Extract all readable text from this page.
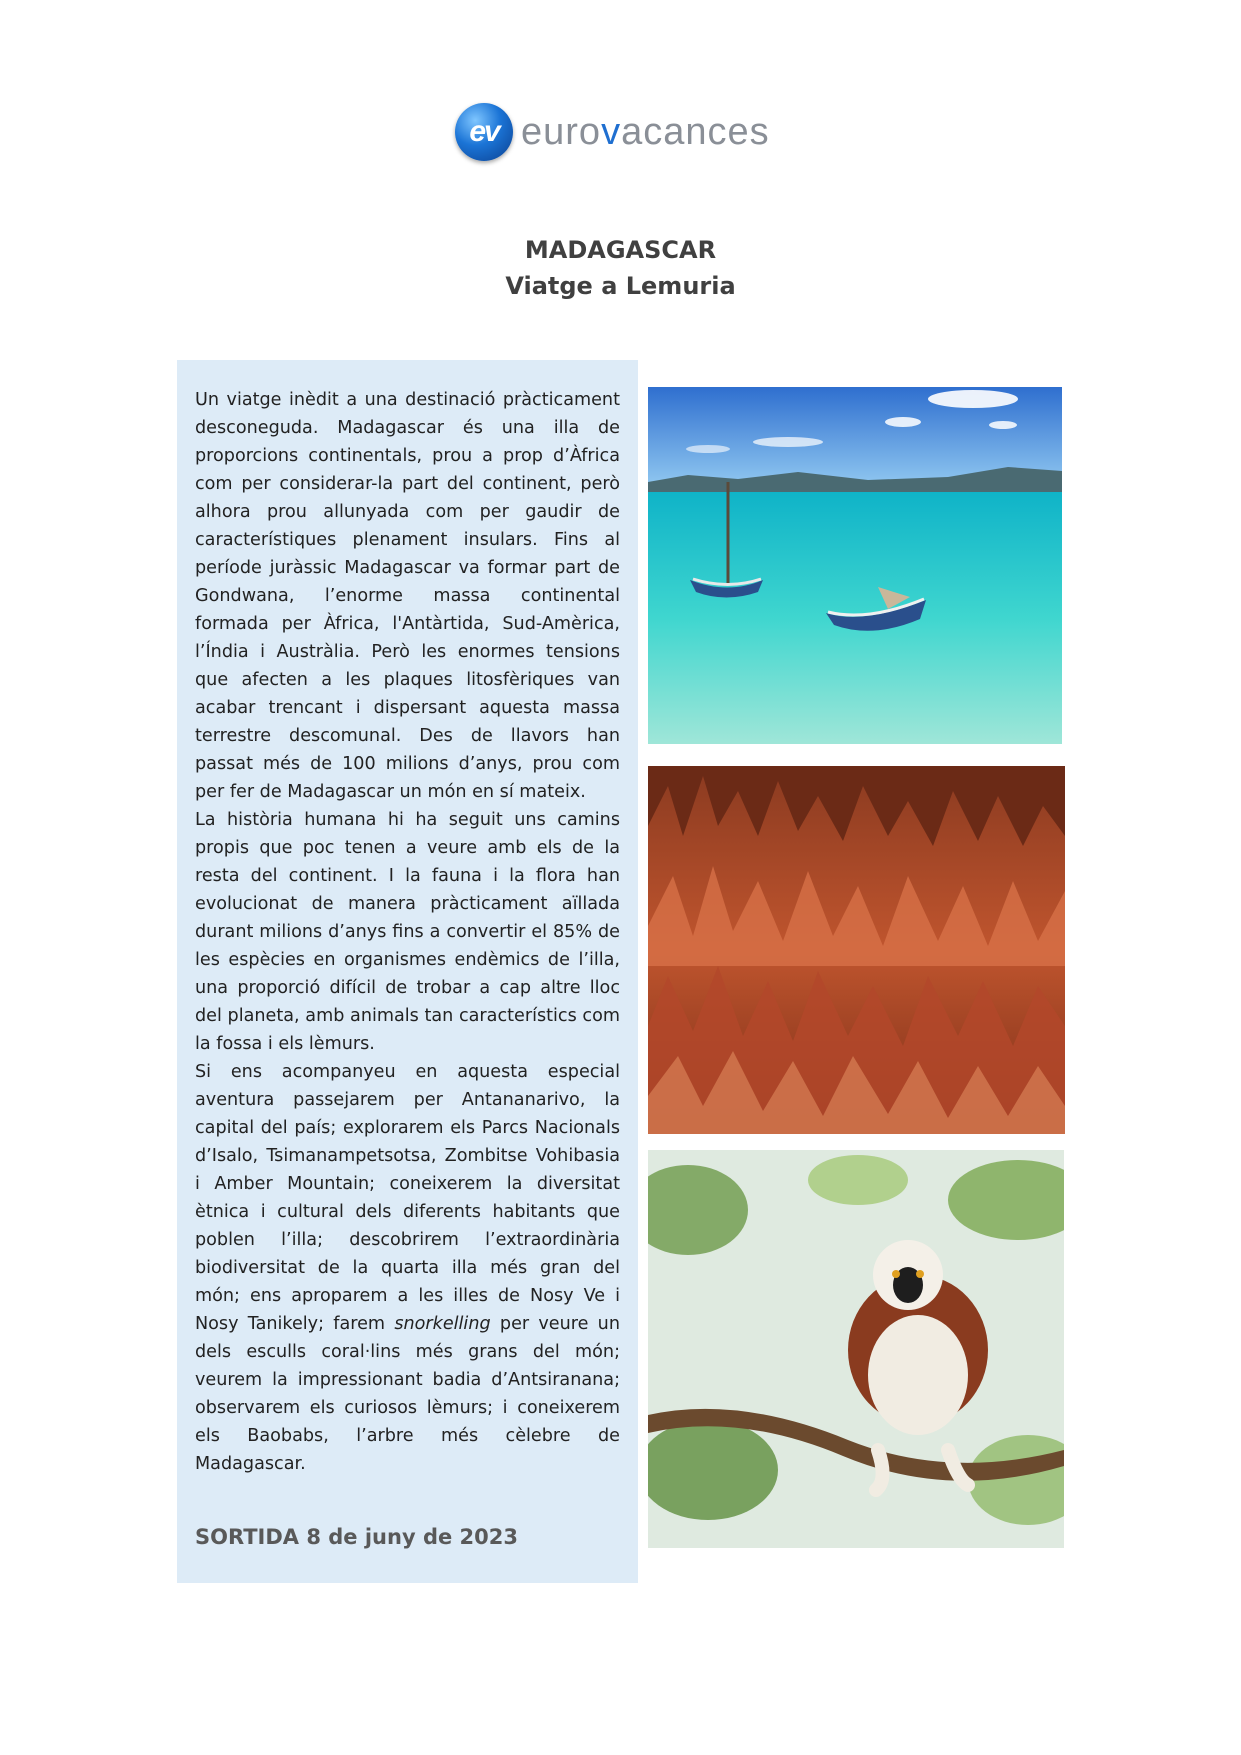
ev eurovacances
MADAGASCAR
Viatge a Lemuria

Un viatge inèdit a una destinació pràcticament desconeguda. Madagascar és una illa de proporcions continentals, prou a prop d’Àfrica com per considerar-la part del continent, però alhora prou allunyada com per gaudir de característiques plenament insulars. Fins al període juràssic Madagascar va formar part de Gondwana, l’enorme massa continental formada per Àfrica, l'Antàrtida, Sud-Amèrica, l’Índia i Austràlia. Però les enormes tensions que afecten a les plaques litosfèriques van acabar trencant i dispersant aquesta massa terrestre descomunal. Des de llavors han passat més de 100 milions d’anys, prou com per fer de Madagascar un món en sí mateix.

La història humana hi ha seguit uns camins propis que poc tenen a veure amb els de la resta del continent. I la fauna i la flora han evolucionat de manera pràcticament aïllada durant milions d’anys fins a convertir el 85% de les espècies en organismes endèmics de l’illa, una proporció difícil de trobar a cap altre lloc del planeta, amb animals tan característics com la fossa i els lèmurs.

Si ens acompanyeu en aquesta especial aventura passejarem per Antananarivo, la capital del país; explorarem els Parcs Nacionals d’Isalo, Tsimanampetsotsa, Zombitse Vohibasia i Amber Mountain; coneixerem la diversitat ètnica i cultural dels diferents habitants que poblen l’illa; descobrirem l’extraordinària biodiversitat de la quarta illa més gran del món; ens aproparem a les illes de Nosy Ve i Nosy Tanikely; farem snorkelling per veure un dels esculls coral·lins més grans del món; veurem la impressionant badia d’Antsiranana; observarem els curiosos lèmurs; i coneixerem els Baobabs, l’arbre més cèlebre de Madagascar.

SORTIDA 8 de juny de 2023
